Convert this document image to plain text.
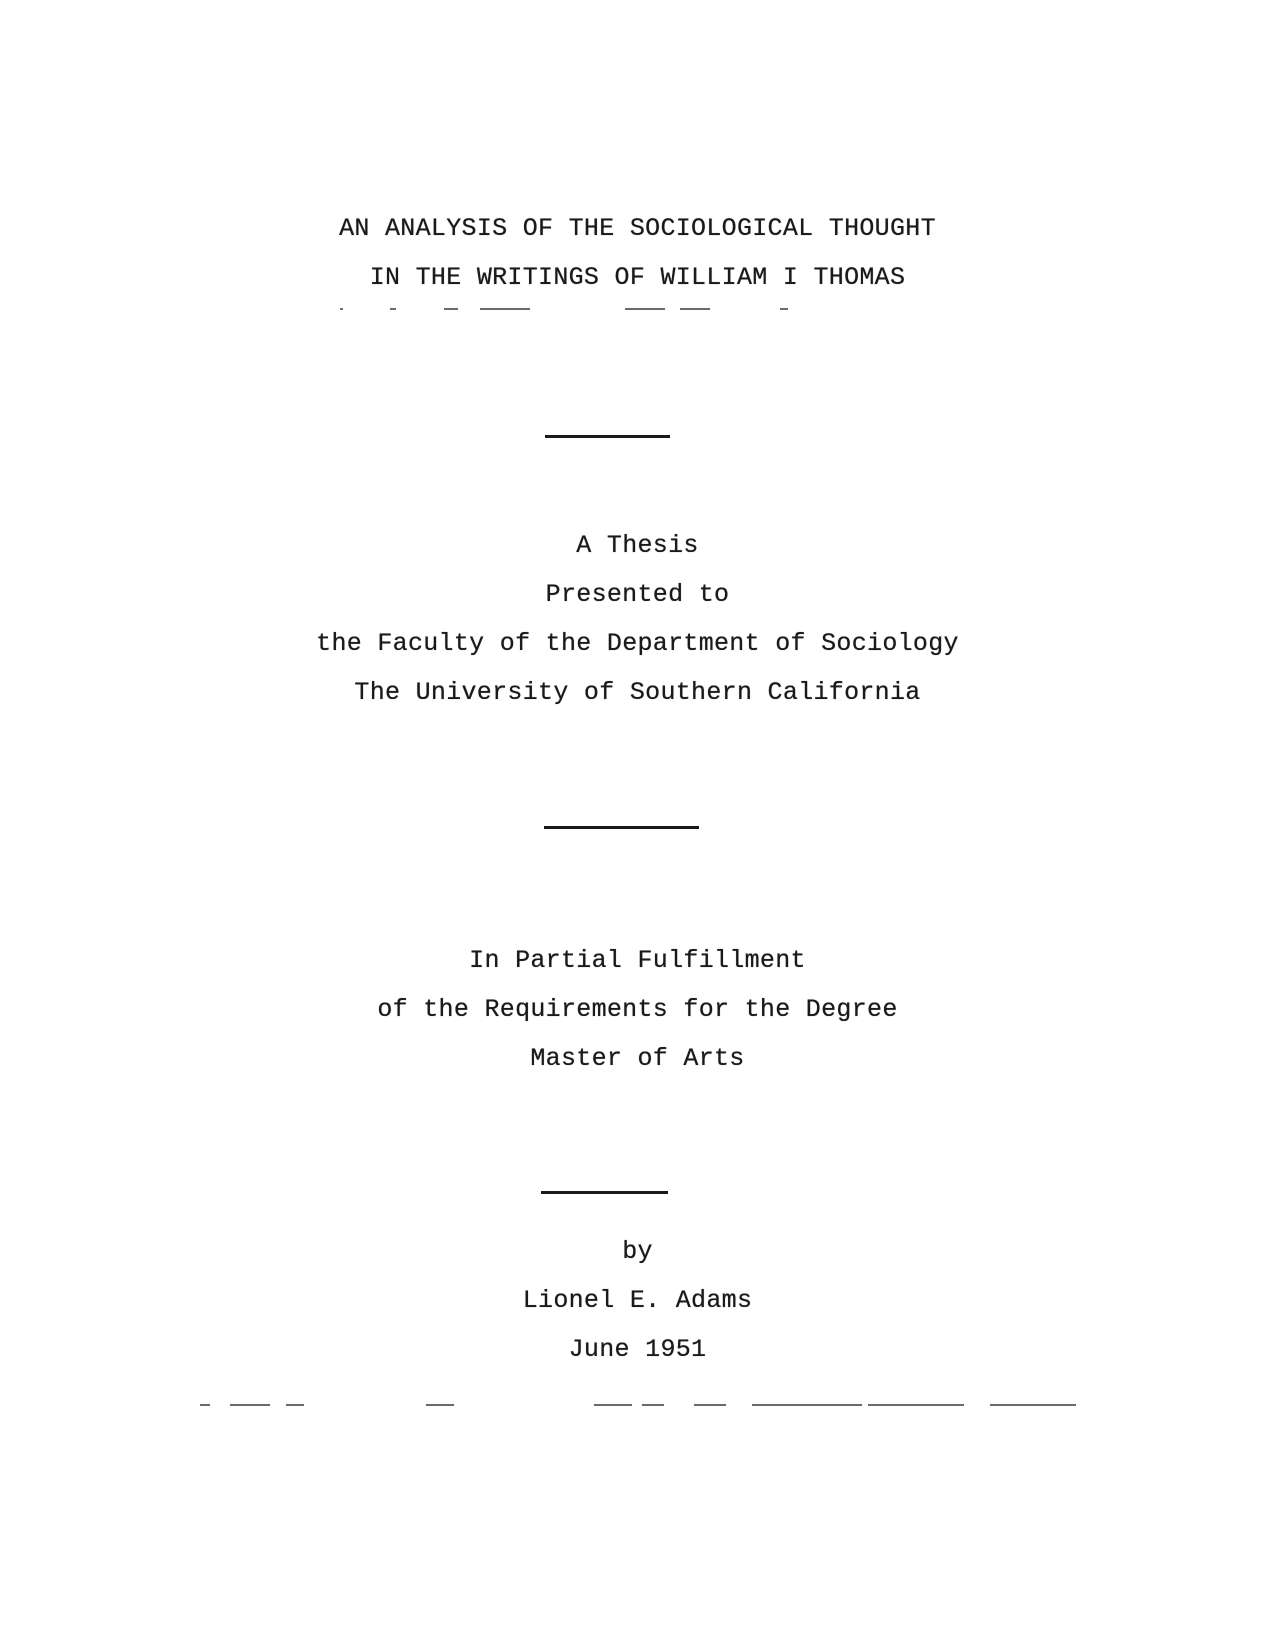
AN ANALYSIS OF THE SOCIOLOGICAL THOUGHT
IN THE WRITINGS OF WILLIAM I THOMAS
A Thesis
Presented to
the Faculty of the Department of Sociology
The University of Southern California
In Partial Fulfillment
of the Requirements for the Degree
Master of Arts
by
Lionel E. Adams
June 1951
